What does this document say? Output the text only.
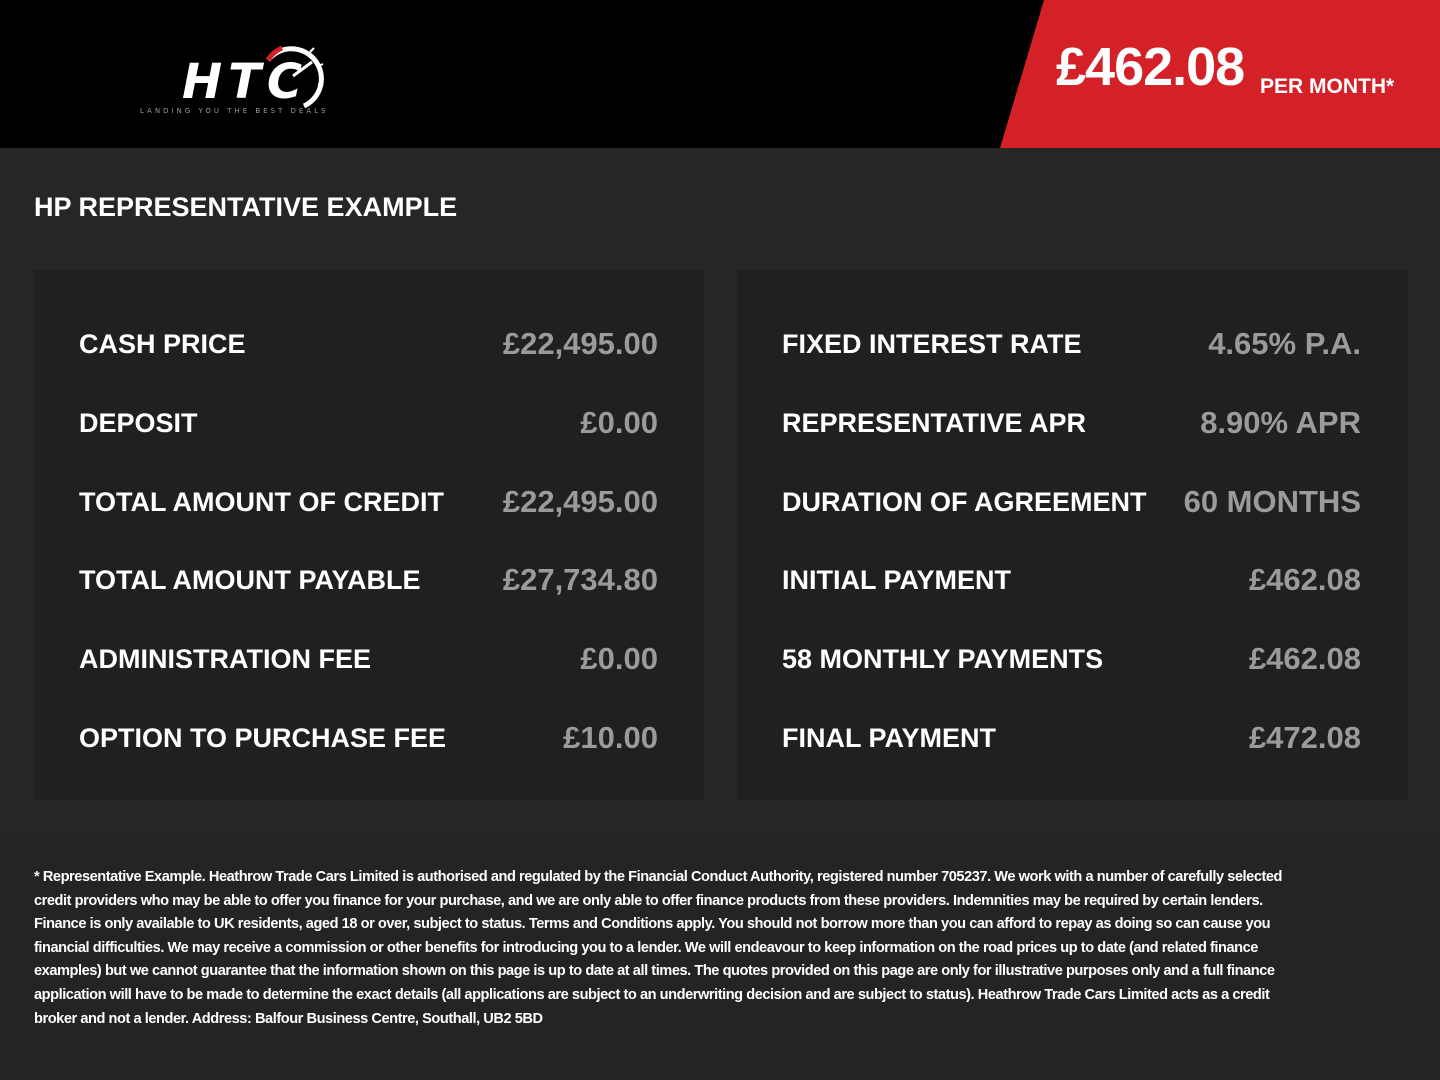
HTC
LANDING YOU THE BEST DEALS
£462.08 PER MONTH*
HP REPRESENTATIVE EXAMPLE
CASH PRICE	£22,495.00
DEPOSIT	£0.00
TOTAL AMOUNT OF CREDIT £22,495.00
TOTAL AMOUNT PAYABLE	£27,734.80
ADMINISTRATION FEE	£0.00
OPTION TO PURCHASE FEE	£10.00
FIXED INTEREST RATE	4.65% P.A.
REPRESENTATIVE APR	8.90% APR
DURATION OF AGREEMENT 60 MONTHS
INITIAL PAYMENT	£462.08
58 MONTHLY PAYMENTS	£462.08
FINAL PAYMENT	£472.08
* Representative Example. Heathrow Trade Cars Limited is authorised and regulated by the Financial Conduct Authority, registered number 705237. We work with a number of carefully selected credit providers who may be able to offer you finance for your purchase, and we are only able to offer finance products from these providers. Indemnities may be required by certain lenders. Finance is only available to UK residents, aged 18 or over, subject to status. Terms and Conditions apply. You should not borrow more than you can afford to repay as doing so can cause you financial difficulties. We may receive a commission or other benefits for introducing you to a lender. We will endeavour to keep information on the road prices up to date (and related finance examples) but we cannot guarantee that the information shown on this page is up to date at all times. The quotes provided on this page are only for illustrative purposes only and a full finance application will have to be made to determine the exact details (all applications are subject to an underwriting decision and are subject to status). Heathrow Trade Cars Limited acts as a credit broker and not a lender. Address: Balfour Business Centre, Southall, UB2 5BD
